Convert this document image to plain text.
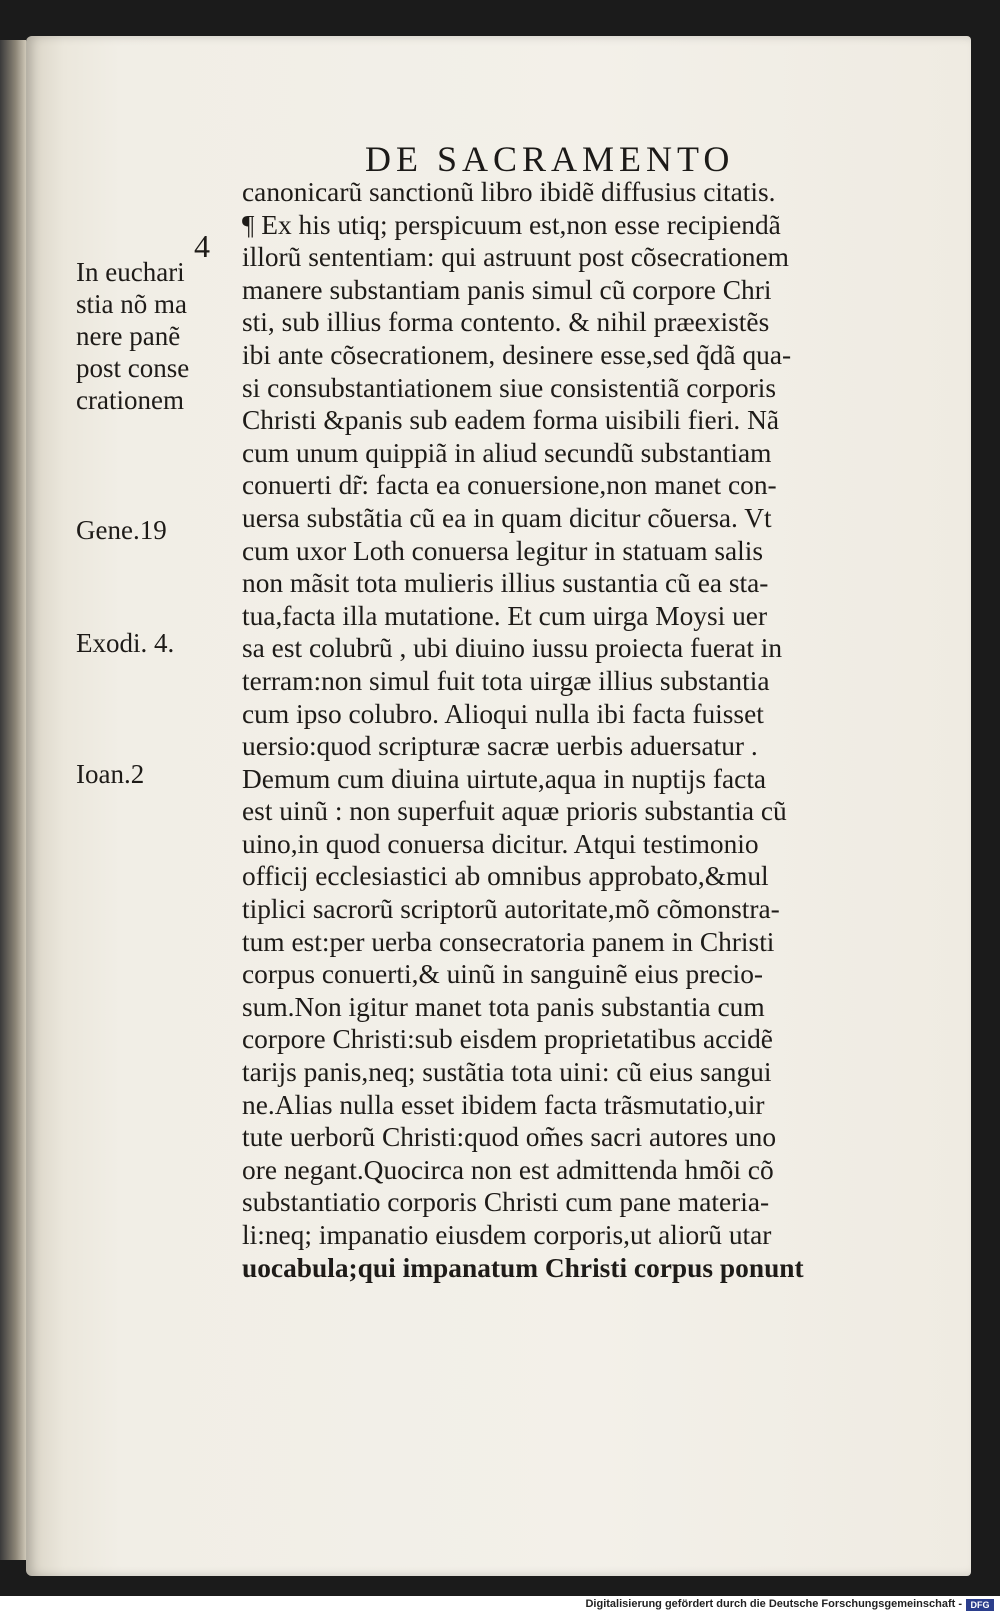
DE SACRAMENTO
4
In euchari
stia nõ ma
nere panẽ
post conse
crationem
Gene.19
Exodi. 4.
Ioan.2
canonicarũ sanctionũ libro ibidẽ diffusius citatis.
¶ Ex his utiq; perspicuum est,non esse recipiendã
illorũ sententiam: qui astruunt post cõsecrationem
manere substantiam panis simul cũ corpore Chri
sti, sub illius forma contento. & nihil præexistẽs
ibi ante cõsecrationem, desinere esse,sed q̃dã qua-
si consubstantiationem siue consistentiã corporis
Christi &panis sub eadem forma uisibili fieri. Nã
cum unum quippiã in aliud secundũ substantiam
conuerti dr̃: facta ea conuersione,non manet con-
uersa substãtia cũ ea in quam dicitur cõuersa. Vt
cum uxor Loth conuersa legitur in statuam salis
non mãsit tota mulieris illius sustantia cũ ea sta-
tua,facta illa mutatione. Et cum uirga Moysi uer
sa est colubrũ , ubi diuino iussu proiecta fuerat in
terram:non simul fuit tota uirgæ illius substantia
cum ipso colubro. Alioqui nulla ibi facta fuisset
uersio:quod scripturæ sacræ uerbis aduersatur .
Demum cum diuina uirtute,aqua in nuptijs facta
est uinũ : non superfuit aquæ prioris substantia cũ
uino,in quod conuersa dicitur. Atqui testimonio
officij ecclesiastici ab omnibus approbato,&mul
tiplici sacrorũ scriptorũ autoritate,mõ cõmonstra-
tum est:per uerba consecratoria panem in Christi
corpus conuerti,& uinũ in sanguinẽ eius precio-
sum.Non igitur manet tota panis substantia cum
corpore Christi:sub eisdem proprietatibus accidẽ
tarijs panis,neq; sustãtia tota uini: cũ eius sangui
ne.Alias nulla esset ibidem facta trãsmutatio,uir
tute uerborũ Christi:quod om̃es sacri autores uno
ore negant.Quocirca non est admittenda hmõi cõ
substantiatio corporis Christi cum pane materia-
li:neq; impanatio eiusdem corporis,ut aliorũ utar
uocabula;qui impanatum Christi corpus ponunt
Digitalisierung gefördert durch die Deutsche Forschungsgemeinschaft - DFG
